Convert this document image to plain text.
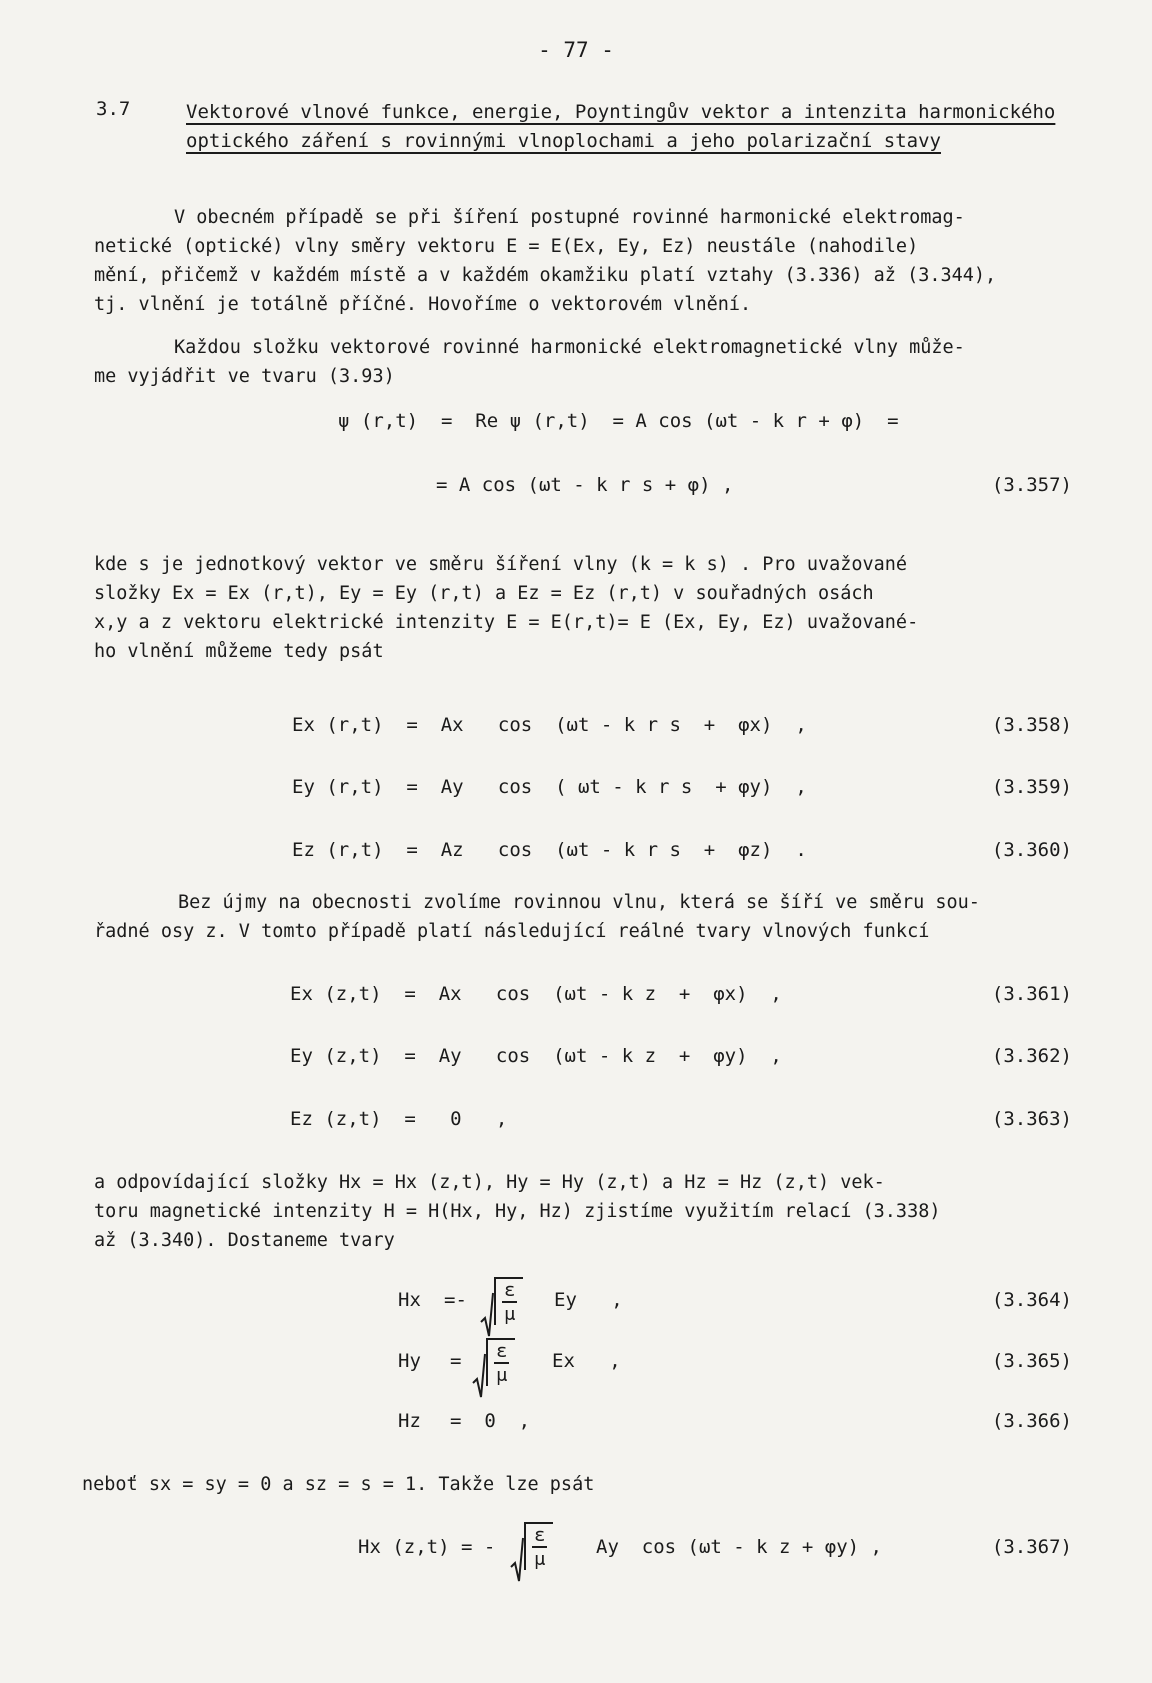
- 77 -
3.7	Vektorové vlnové funkce, energie, Poyntingův vektor a intenzita harmonického optického záření s rovinnými vlnoplochami a jeho polarizační stavy

V obecném případě se při šíření postupné rovinné harmonické elektromag-
netické (optické) vlny směry vektoru E = E(Ex, Ey, Ez) neustále (nahodile)
mění, přičemž v každém místě a v každém okamžiku platí vztahy (3.336) až (3.344),
tj. vlnění je totálně příčné. Hovoříme o vektorovém vlnění.

Každou složku vektorové rovinné harmonické elektromagnetické vlny může-
me vyjádřit ve tvaru (3.93)

ψ (r,t)  =  Re ψ (r,t)  = A cos (ωt - k r + φ)  =
= A cos (ωt - k r s + φ) ,	(3.357)

kde s je jednotkový vektor ve směru šíření vlny (k = k s) . Pro uvažované
složky Ex = Ex (r,t), Ey = Ey (r,t) a Ez = Ez (r,t) v souřadných osách
x,y a z vektoru elektrické intenzity E = E(r,t)= E (Ex, Ey, Ez) uvažované-
ho vlnění můžeme tedy psát

Ex (r,t)  =  Ax   cos  (ωt - k r s  +  φx)  ,	(3.358)
Ey (r,t)  =  Ay   cos  ( ωt - k r s  + φy)  ,	(3.359)
Ez (r,t)  =  Az   cos  (ωt - k r s  +  φz)  .	(3.360)

Bez újmy na obecnosti zvolíme rovinnou vlnu, která se šíří ve směru sou-
řadné osy z. V tomto případě platí následující reálné tvary vlnových funkcí

Ex (z,t)  =  Ax   cos  (ωt - k z  +  φx)  ,	(3.361)
Ey (z,t)  =  Ay   cos  (ωt - k z  +  φy)  ,	(3.362)
Ez (z,t)  =   0   ,	(3.363)

a odpovídající složky Hx = Hx (z,t), Hy = Hy (z,t) a Hz = Hz (z,t) vek-
toru magnetické intenzity H = H(Hx, Hy, Hz) zjistíme využitím relací (3.338)
až (3.340). Dostaneme tvary

$Hx =- \frac{\varepsilon}{\mu}$ Ey   ,	(3.364)
$Hy = \frac{\varepsilon}{\mu}$ Ex   ,	(3.365)
Hz =  0  ,	(3.366)

neboť sx = sy = 0 a sz = s = 1. Takže lze psát

Hx (z,t) = - $\frac{\varepsilon}{\mu}$ Ay  cos (ωt - k z + φy) ,	(3.367)
